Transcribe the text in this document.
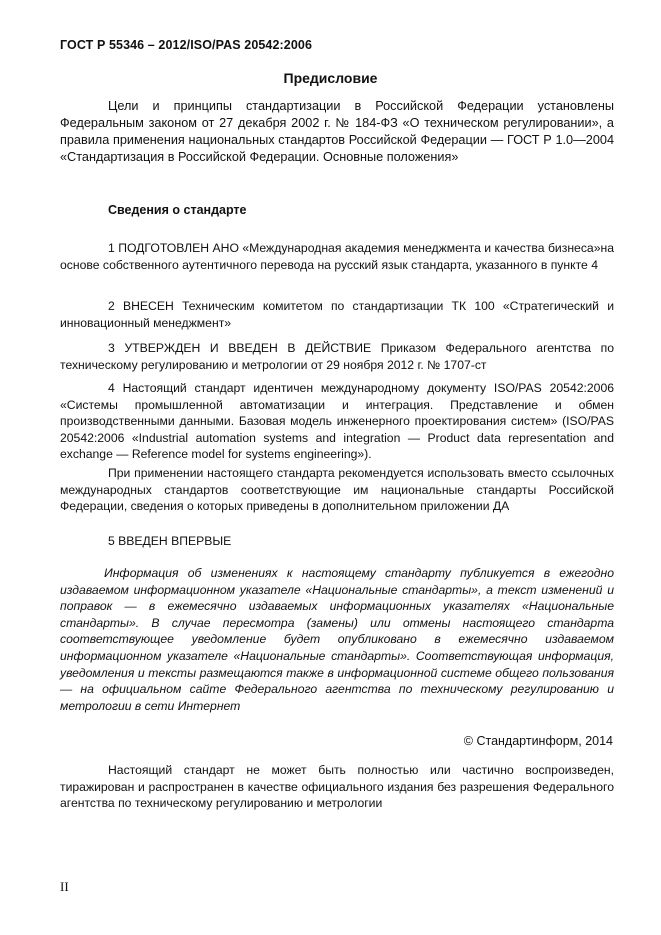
ГОСТ Р 55346 – 2012/ISO/PAS 20542:2006
Предисловие

Цели и принципы стандартизации в Российской Федерации установлены Федеральным законом от 27 декабря 2002 г. № 184-ФЗ «О техническом регулировании», а правила применения национальных стандартов Российской Федерации — ГОСТ Р 1.0—2004 «Стандартизация в Российской Федерации. Основные положения»

Сведения о стандарте

1 ПОДГОТОВЛЕН АНО «Международная академия менеджмента и качества бизнеса»на основе собственного аутентичного перевода на русский язык стандарта, указанного в пункте 4

2 ВНЕСЕН Техническим комитетом по стандартизации ТК 100 «Стратегический и инновационный менеджмент»

3 УТВЕРЖДЕН И ВВЕДЕН В ДЕЙСТВИЕ Приказом Федерального агентства по техническому регулированию и метрологии от 29 ноября 2012 г. № 1707-ст

4 Настоящий стандарт идентичен международному документу ISO/PAS 20542:2006 «Системы промышленной автоматизации и интеграция. Представление и обмен производственными данными. Базовая модель инженерного проектирования систем» (ISO/PAS 20542:2006 «Industrial automation systems and integration — Product data representation and exchange — Reference model for systems engineering»).

При применении настоящего стандарта рекомендуется использовать вместо ссылочных международных стандартов соответствующие им национальные стандарты Российской Федерации, сведения о которых приведены в дополнительном приложении ДА

5 ВВЕДЕН ВПЕРВЫЕ

Информация об изменениях к настоящему стандарту публикуется в ежегодно издаваемом информационном указателе «Национальные стандарты», а текст изменений и поправок — в ежемесячно издаваемых информационных указателях «Национальные стандарты». В случае пересмотра (замены) или отмены настоящего стандарта соответствующее уведомление будет опубликовано в ежемесячно издаваемом информационном указателе «Национальные стандарты». Соответствующая информация, уведомления и тексты размещаются также в информационной системе общего пользования — на официальном сайте Федерального агентства по техническому регулированию и метрологии в сети Интернет

© Стандартинформ, 2014

Настоящий стандарт не может быть полностью или частично воспроизведен, тиражирован и распространен в качестве официального издания без разрешения Федерального агентства по техническому регулированию и метрологии

II
